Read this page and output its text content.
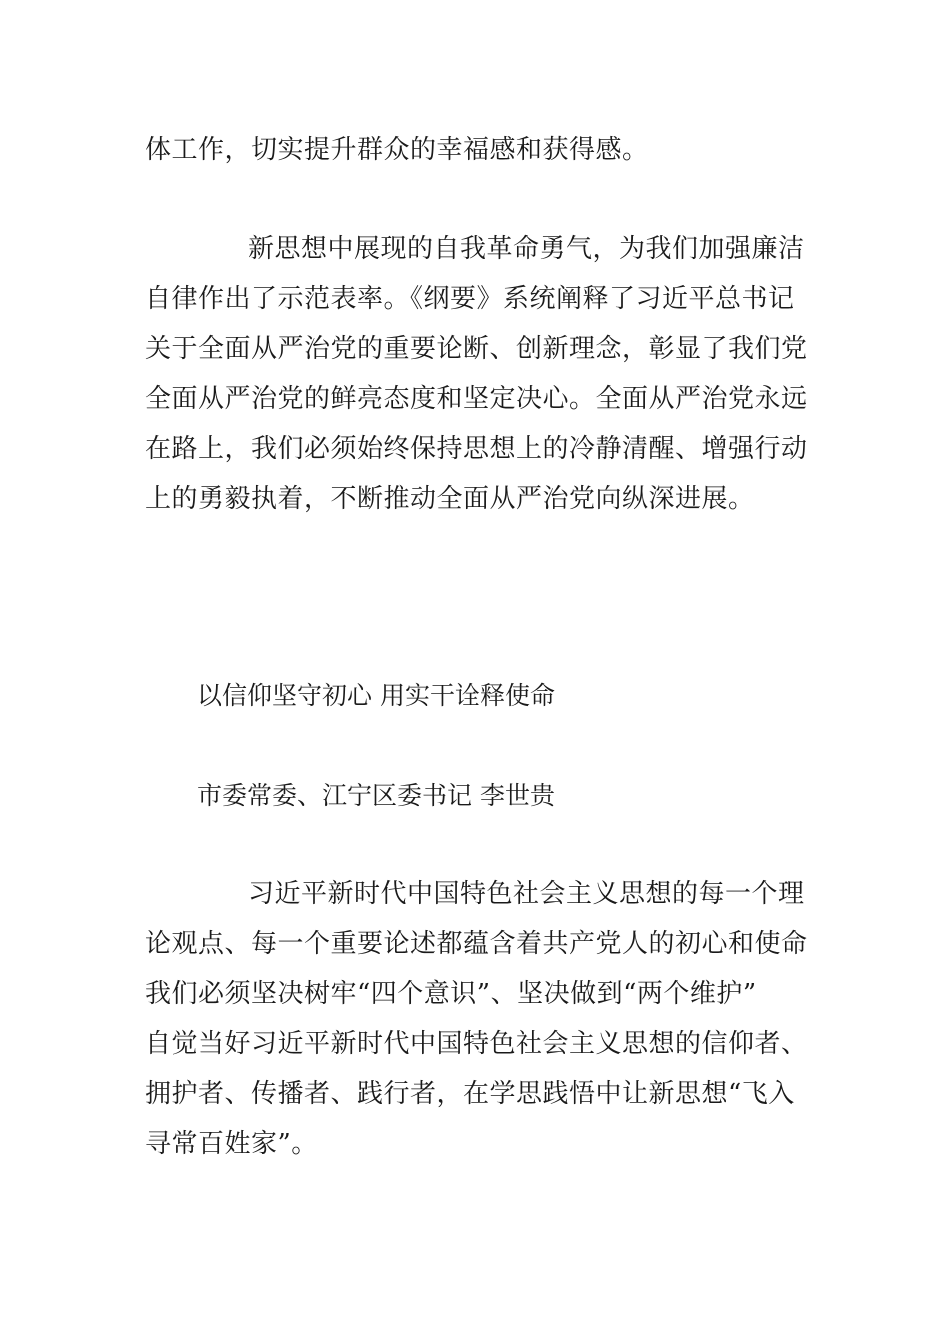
体工作，切实提升群众的幸福感和获得感。
新思想中展现的自我革命勇气，为我们加强廉洁
自律作出了示范表率。《纲要》系统阐释了习近平总书记
关于全面从严治党的重要论断、创新理念，彰显了我们党
全面从严治党的鲜亮态度和坚定决心。全面从严治党永远
在路上，我们必须始终保持思想上的冷静清醒、增强行动
上的勇毅执着，不断推动全面从严治党向纵深进展。
以信仰坚守初心 用实干诠释使命
市委常委、江宁区委书记 李世贵
习近平新时代中国特色社会主义思想的每一个理
论观点、每一个重要论述都蕴含着共产党人的初心和使命
我们必须坚决树牢“四个意识”、坚决做到“两个维护”
自觉当好习近平新时代中国特色社会主义思想的信仰者、
拥护者、传播者、践行者，在学思践悟中让新思想“飞入
寻常百姓家”。
